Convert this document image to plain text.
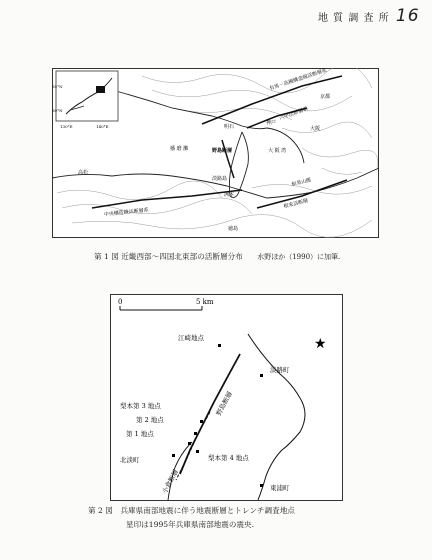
地 質 調 査 所 16
130°E	140°E
35°N
30°N
播 磨 灘	大 阪 湾
大阪
京都
神戸
明石
洲本
徳島
高松
淡路島
有馬－高槻構造線活断層系
六甲活断層系
野島断層
中央構造線活断層系
和泉山脈
根来活断層
第 1 図 近畿西部～四国北東部の活断層分布 水野ほか（1990）に加筆.
0	5 km
★
江崎地点
梨本第 3 地点
第 2 地点
第 1 地点
梨本第 4 地点
淡路町
北淡町
東浦町
野島断層
小倉断層
第 2 図　兵庫県南部地震に伴う地震断層とトレンチ調査地点
星印は1995年兵庫県南部地震の震央.
